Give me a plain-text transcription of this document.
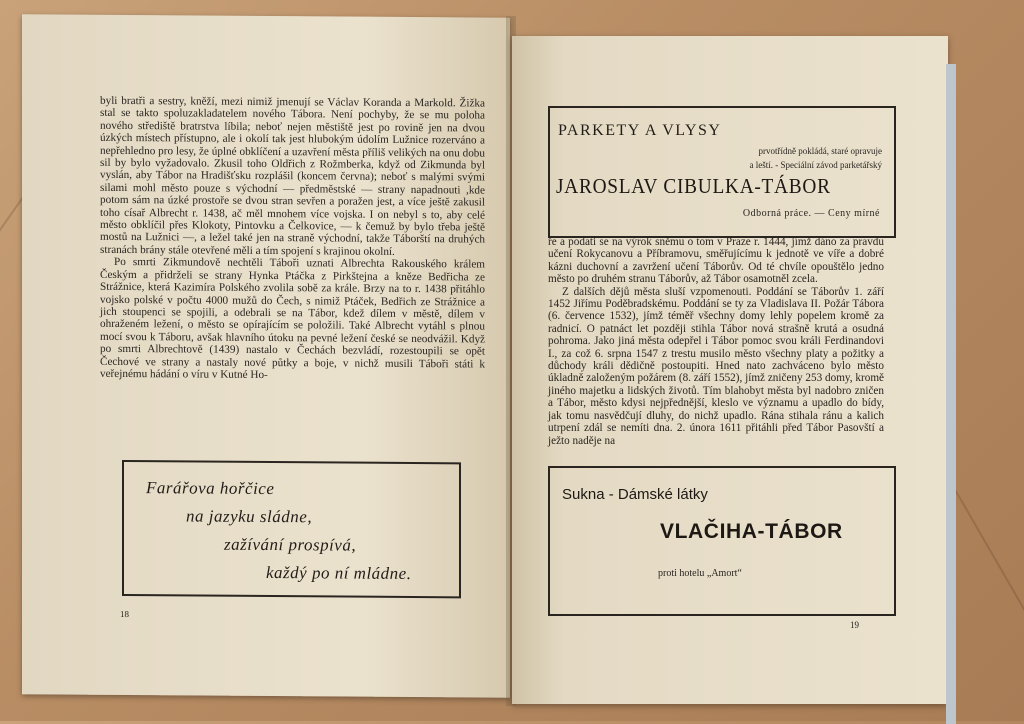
byli bratři a sestry, kněží, mezi nimiž jmenují se Václav Koranda a Markold. Žižka stal se takto spoluzakladatelem nového Tábora. Není pochyby, že se mu poloha nového střediště bratrstva líbila; neboť nejen městiště jest po rovině jen na dvou úzkých místech přístupno, ale i okolí tak jest hlubokým údolím Lužnice rozerváno a nepřehledno pro lesy, že úplné obklíčení a uzavření města příliš velikých na onu dobu sil by bylo vyžadovalo. Zkusil toho Oldřich z Rožmberka, když od Zikmunda byl vyslán, aby Tábor na Hradišťsku rozplášil (koncem června); neboť s malými svými silami mohl město pouze s východní — předměstské — strany napadnouti ,kde potom sám na úzké prostoře se dvou stran sevřen a poražen jest, a více ještě zakusil toho císař Albrecht r. 1438, ač měl mnohem více vojska. I on nebyl s to, aby celé město obklíčil přes Klokoty, Pintovku a Čelkovice, — k čemuž by bylo třeba ještě mostů na Lužnici —, a ležel také jen na straně východní, takže Táborští na druhých stranách brány stále otevřené měli a tím spojení s krajinou okolní.

Po smrti Zikmundově nechtěli Táboři uznati Albrechta Rakouského králem Českým a přidrželi se strany Hynka Ptáčka z Pirkštejna a kněze Bedřicha ze Strážnice, která Kazimíra Polského zvolila sobě za krále. Brzy na to r. 1438 přitáhlo vojsko polské v počtu 4000 mužů do Čech, s nimiž Ptáček, Bedřich ze Strážnice a jich stoupenci se spojili, a odebrali se na Tábor, kdež dílem v městě, dílem v ohraženém ležení, o město se opírajícím se položili. Také Albrecht vytáhl s plnou mocí svou k Táboru, avšak hlavního útoku na pevné ležení české se neodvážil. Když po smrti Albrechtově (1439) nastalo v Čechách bezvládí, rozestoupili se opět Čechové ve strany a nastaly nové půtky a boje, v nichž musili Táboři státi k veřejnému hádání o víru v Kutné Ho-

Farářova hořčice
na jazyku sládne,
zažívání prospívá,
každý po ní mládne.
18
PARKETY A VLYSY
prvotřídně pokládá, staré opravuje
a leští. - Speciální závod parketářský
JAROSLAV CIBULKA-TÁBOR
Odborná práce. — Ceny mírné

ře a podati se na výrok sněmu o tom v Praze r. 1444, jímž dáno za pravdu učení Rokycanovu a Příbramovu, směřujícímu k jednotě ve víře a dobré kázni duchovní a zavržení učení Táborův. Od té chvíle opouštělo jedno město po druhém stranu Táborův, až Tábor osamotněl zcela.

Z dalších dějů města sluší vzpomenouti. Poddání se Táborův 1. září 1452 Jiřímu Poděbradskému. Poddání se ty za Vladislava II. Požár Tábora (6. července 1532), jímž téměř všechny domy lehly popelem kromě za radnicí. O patnáct let později stihla Tábor nová strašně krutá a osudná pohroma. Jako jiná města odepřel i Tábor pomoc svou králi Ferdinandovi I., za což 6. srpna 1547 z trestu musilo město všechny platy a požitky a důchody králi dědičně postoupiti. Hned nato zachváceno bylo město úkladně založeným požárem (8. září 1552), jímž zničeny 253 domy, kromě jiného majetku a lidských životů. Tím blahobyt města byl nadobro zničen a Tábor, město kdysi nejpřednější, kleslo ve významu a upadlo do bídy, jak tomu nasvědčují dluhy, do nichž upadlo. Rána stihala ránu a kalich utrpení zdál se nemíti dna. 2. února 1611 přitáhli před Tábor Pasovští a ježto naděje na

Sukna - Dámské látky
VLAČIHA-TÁBOR
proti hotelu „Amort“
19
